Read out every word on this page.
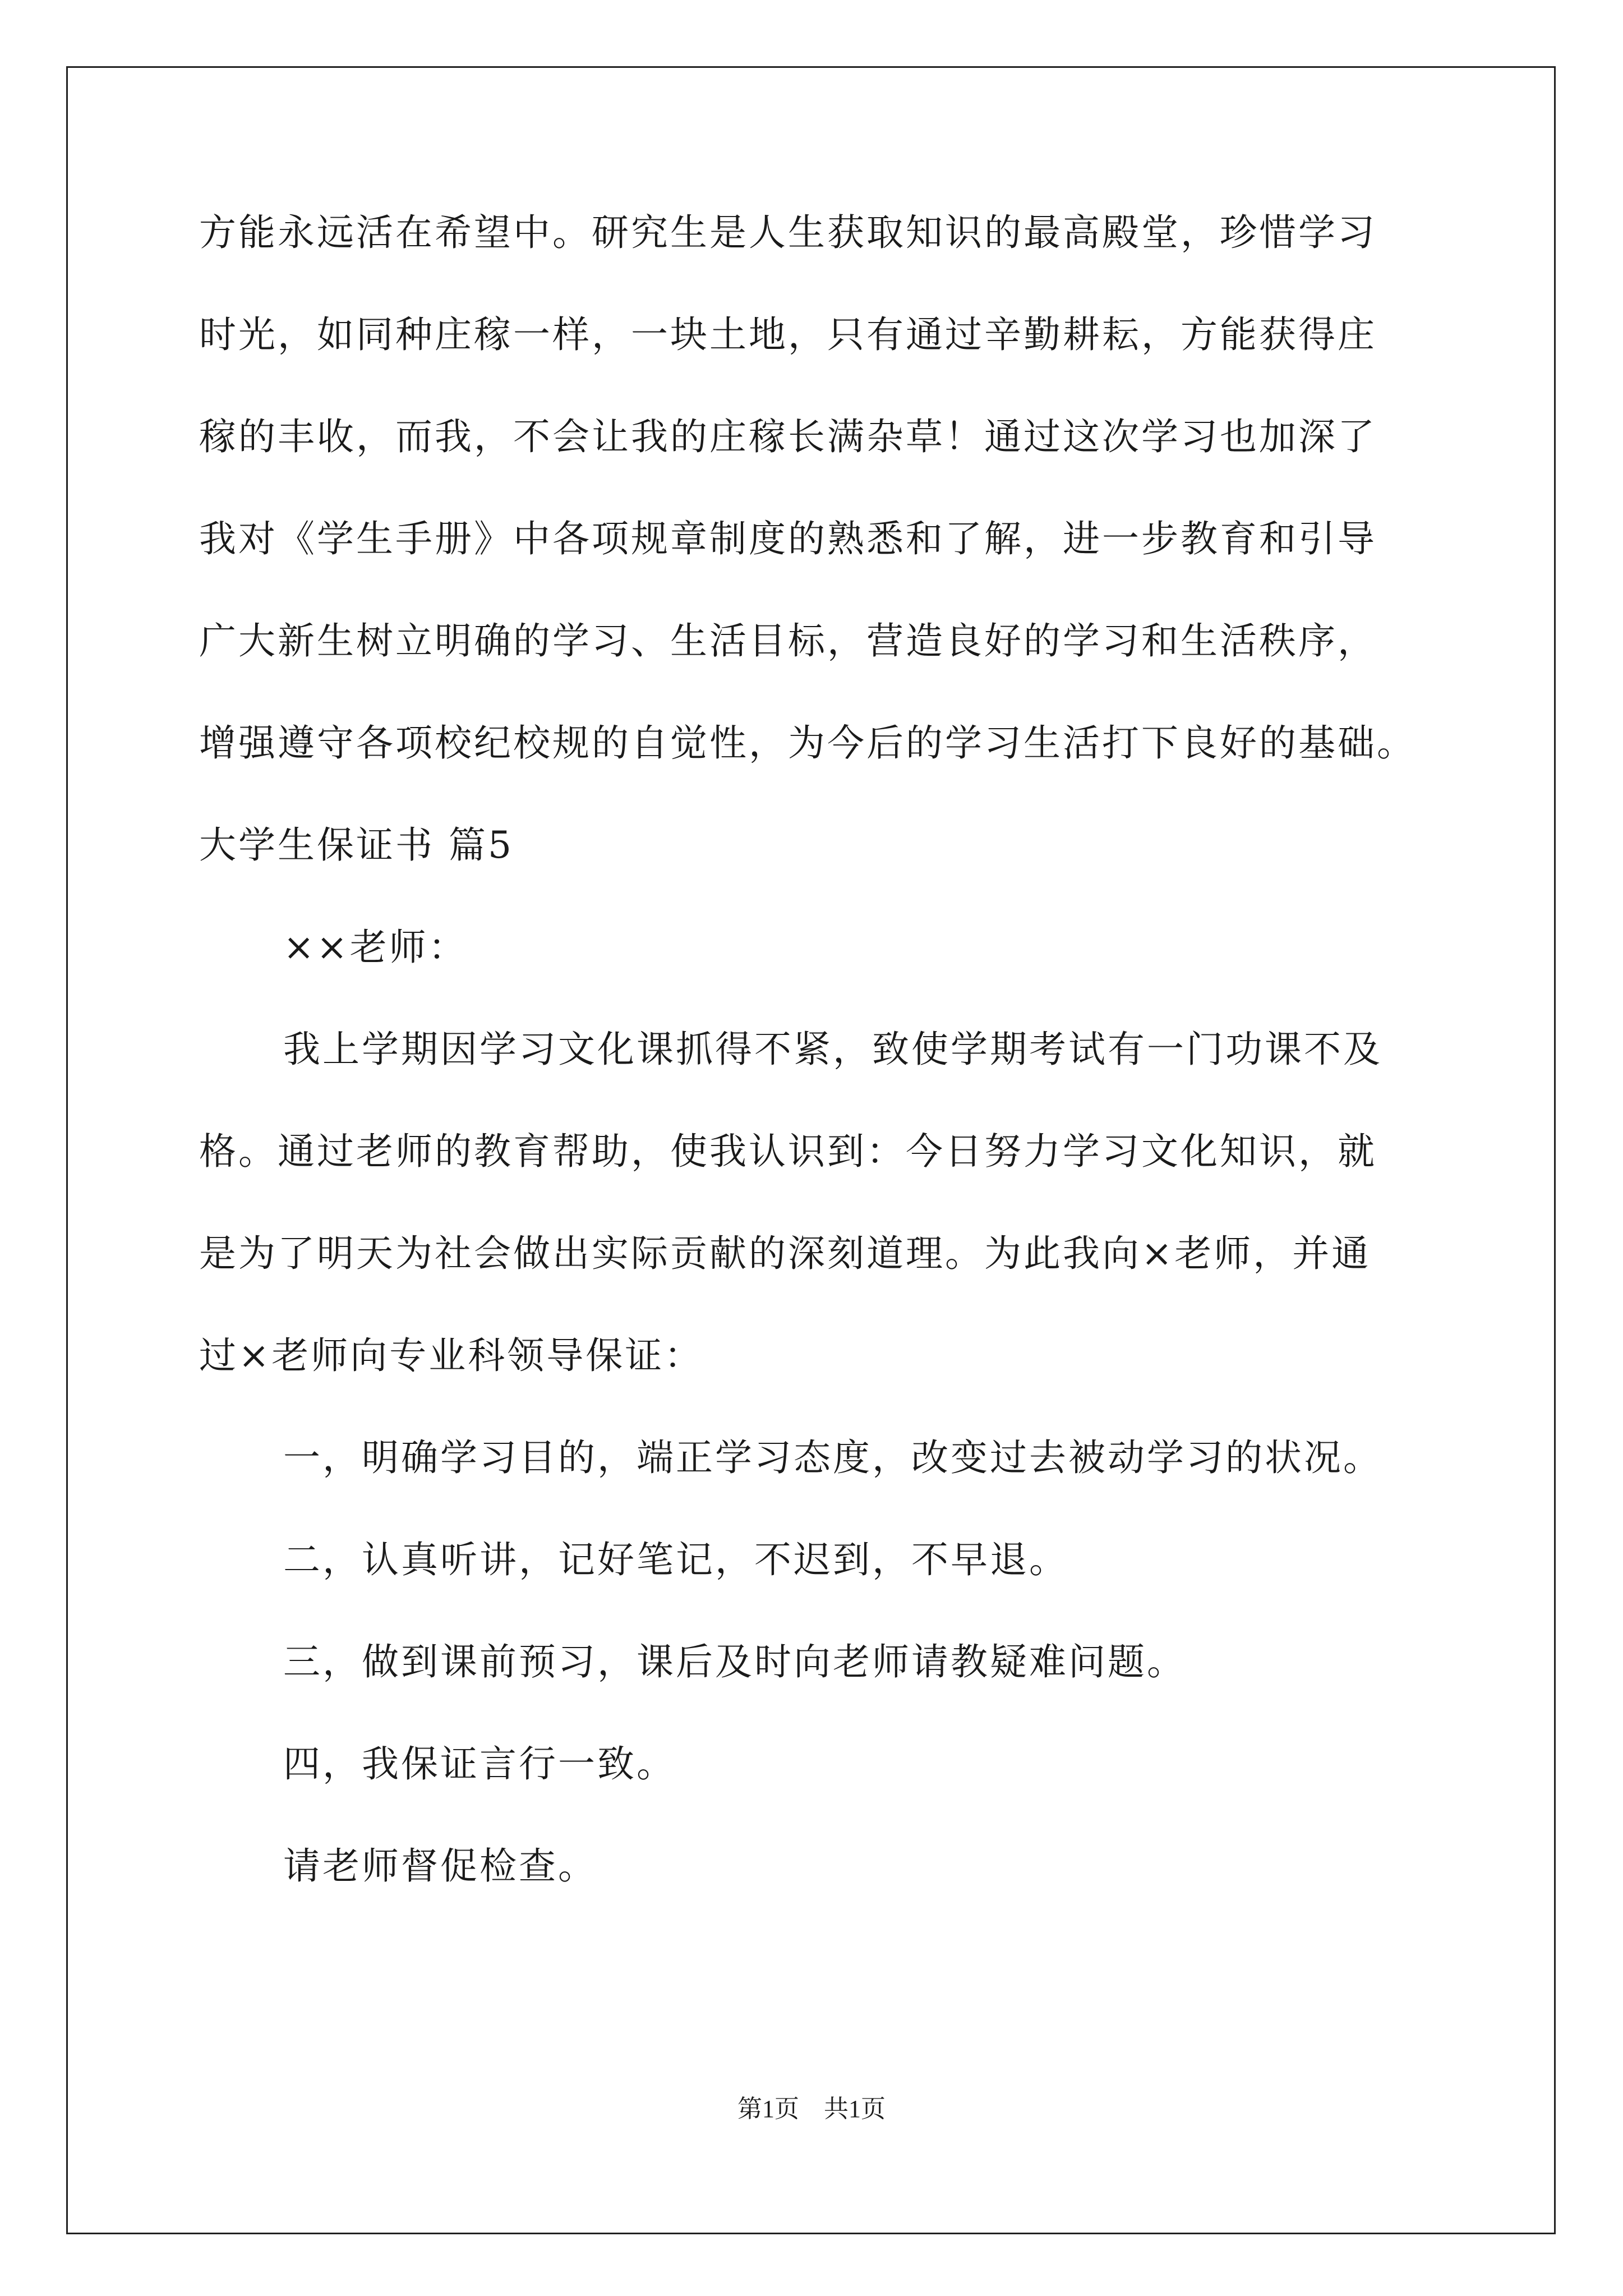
方能永远活在希望中。研究生是人生获取知识的最高殿堂，珍惜学习
时光，如同种庄稼一样，一块土地，只有通过辛勤耕耘，方能获得庄
稼的丰收，而我，不会让我的庄稼长满杂草！通过这次学习也加深了
我对《学生手册》中各项规章制度的熟悉和了解，进一步教育和引导
广大新生树立明确的学习、生活目标，营造良好的学习和生活秩序，
增强遵守各项校纪校规的自觉性，为今后的学习生活打下良好的基础。
大学生保证书 篇5
××老师：
我上学期因学习文化课抓得不紧，致使学期考试有一门功课不及
格。通过老师的教育帮助，使我认识到：今日努力学习文化知识，就
是为了明天为社会做出实际贡献的深刻道理。为此我向×老师，并通
过×老师向专业科领导保证：
一，明确学习目的，端正学习态度，改变过去被动学习的状况。
二，认真听讲，记好笔记，不迟到，不早退。
三，做到课前预习，课后及时向老师请教疑难问题。
四，我保证言行一致。
请老师督促检查。
第1页　共1页
